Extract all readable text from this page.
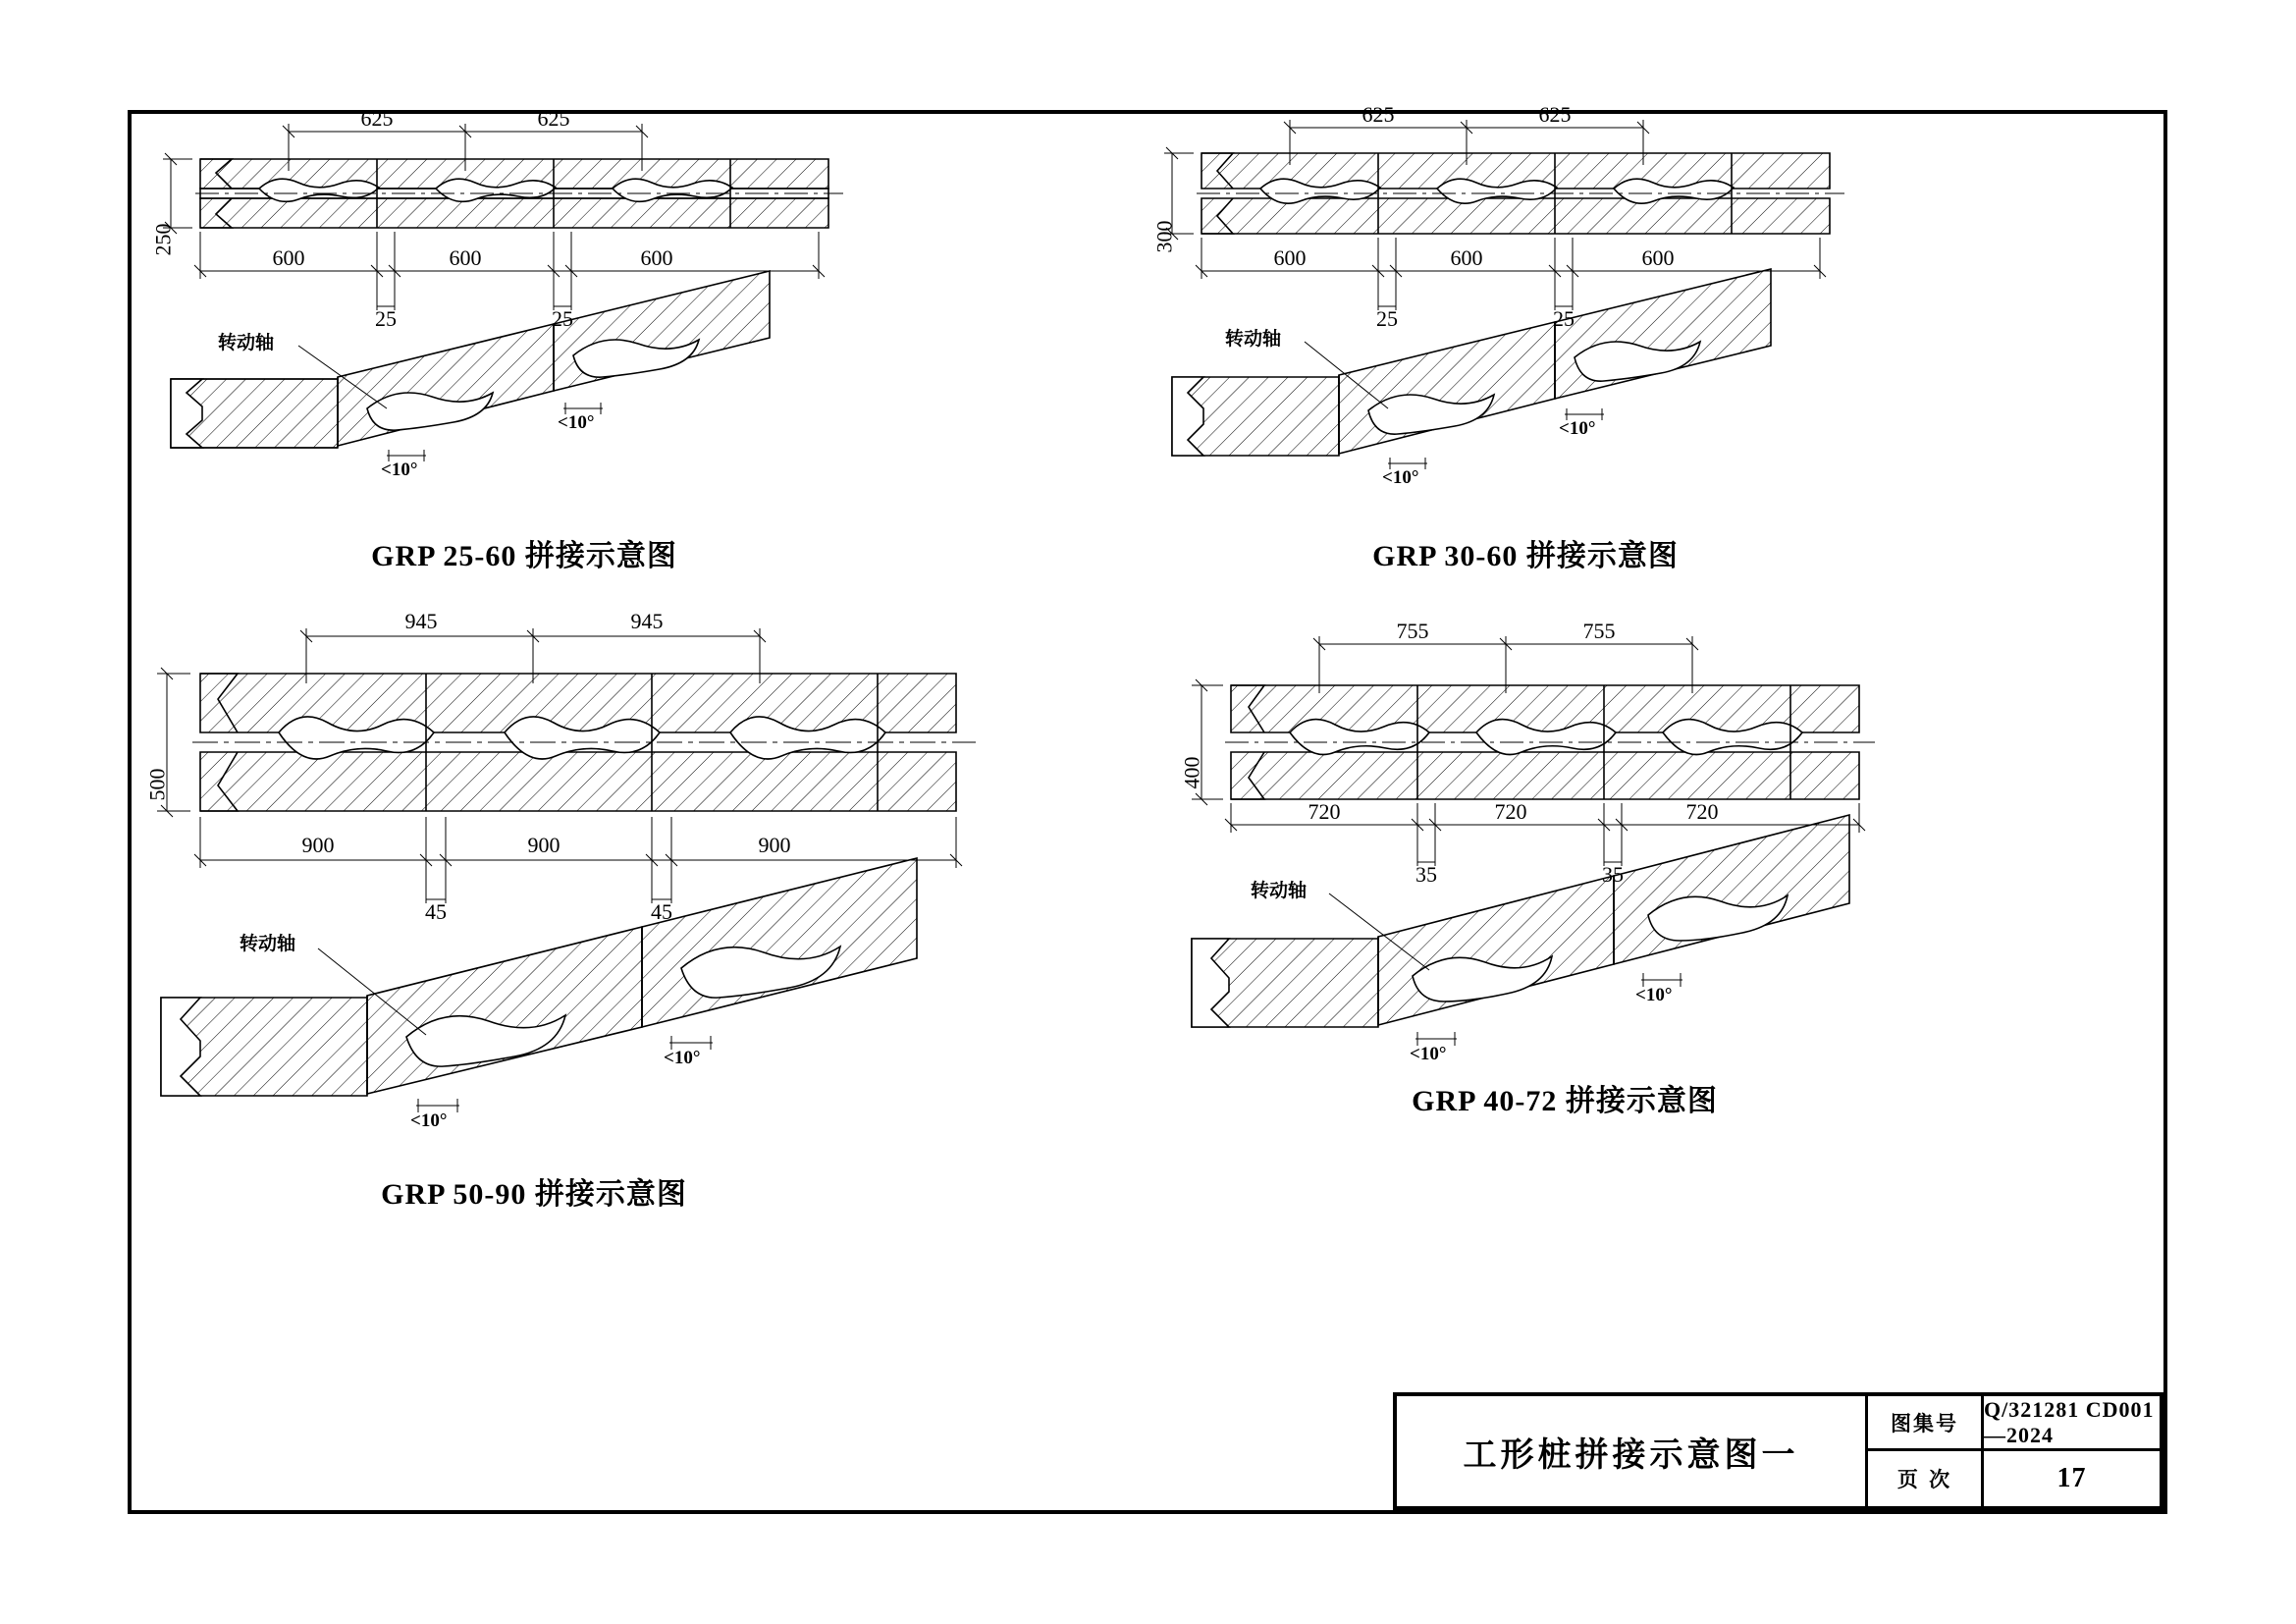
250
625	625
600	600	600
25	25
转动轴
<10°
<10°
GRP 25-60 拼接示意图
300
625	625
600	600	600
25	25
转动轴
<10°
<10°
GRP 30-60 拼接示意图
500
945	945
900	900	900
45	45
转动轴
<10°
<10°
GRP 50-90 拼接示意图
400
755	755
720	720	720
35	35
转动轴
<10°
<10°
GRP 40-72 拼接示意图
工形桩拼接示意图一
图集号
Q/321281 CD001—2024
页 次	17
